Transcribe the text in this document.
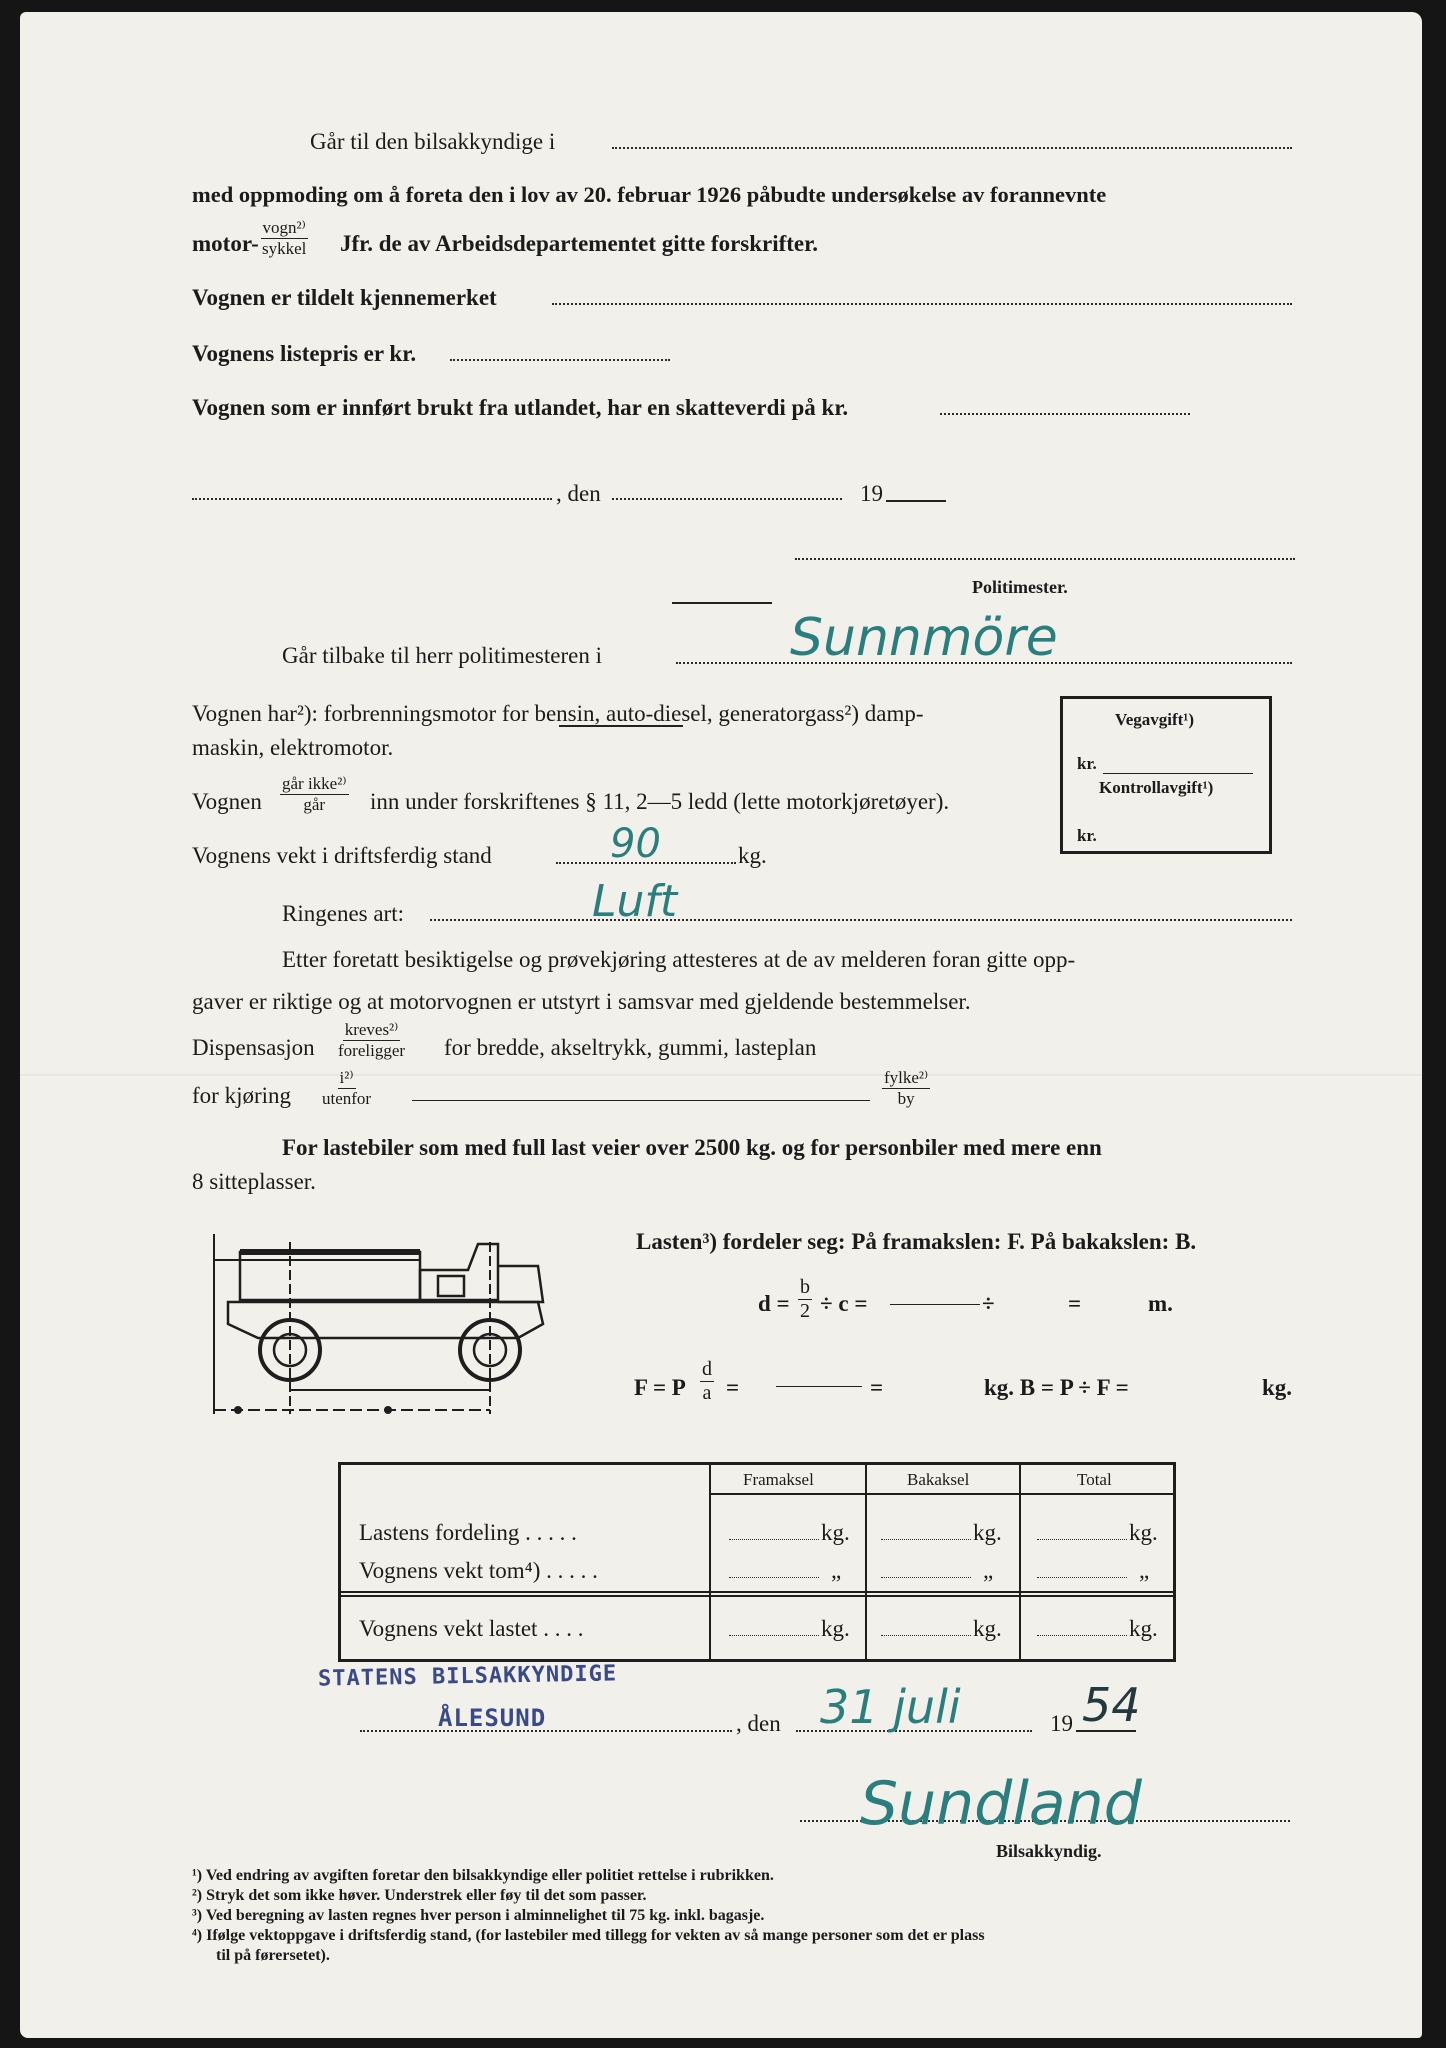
Går til den bilsakkyndige i
med oppmoding om å foreta den i lov av 20. februar 1926 påbudte undersøkelse av forannevnte
motor-
vogn²⁾
sykkel Jfr. de av Arbeidsdepartementet gitte forskrifter.
Vognen er tildelt kjennemerket
Vognens listepris er kr.
Vognen som er innført brukt fra utlandet, har en skatteverdi på kr.
, den	19
Politimester.
Går tilbake til herr politimesteren i	Sunnmöre
Vognen har²): forbrenningsmotor for bensin, auto-diesel, generatorgass²) damp-
maskin, elektromotor.
Vegavgift¹)
kr.
Kontrollavgift¹)
kr.
Vognen
går ikke²⁾
går inn under forskriftenes § 11, 2—5 ledd (lette motorkjøretøyer).
Vognens vekt i driftsferdig stand	90	kg.
Ringenes art:	Luft
Etter foretatt besiktigelse og prøvekjøring attesteres at de av melderen foran gitte opp-
gaver er riktige og at motorvognen er utstyrt i samsvar med gjeldende bestemmelser.
Dispensasjon
kreves²⁾
foreligger for bredde, akseltrykk, gummi, lasteplan
for kjøring
i²⁾
utenfor
fylke²⁾
by
For lastebiler som med full last veier over 2500 kg. og for personbiler med mere enn
8 sitteplasser.
Lasten³) fordeler seg: På framakslen: F. På bakakslen: B.
$d = \frac{b}{2} \div c$ =	÷	=	m.
F = P $\frac{d}{a}$ =	=	kg. B = P ÷ F =	kg.
Framaksel	Bakaksel	Total
Lastens fordeling . . . . .	kg.	kg.	kg.
Vognens vekt tom⁴) . . . . .	„	„	„
Vognens vekt lastet . . . .	kg.	kg.	kg.
STATENS BILSAKKYNDIGE
ÅLESUND	, den 31 juli	19 54
Sundland
Bilsakkyndig.
¹) Ved endring av avgiften foretar den bilsakkyndige eller politiet rettelse i rubrikken.
²) Stryk det som ikke høver. Understrek eller føy til det som passer.
³) Ved beregning av lasten regnes hver person i alminnelighet til 75 kg. inkl. bagasje.
⁴) Ifølge vektoppgave i driftsferdig stand, (for lastebiler med tillegg for vekten av så mange personer som det er plass
til på førersetet).
